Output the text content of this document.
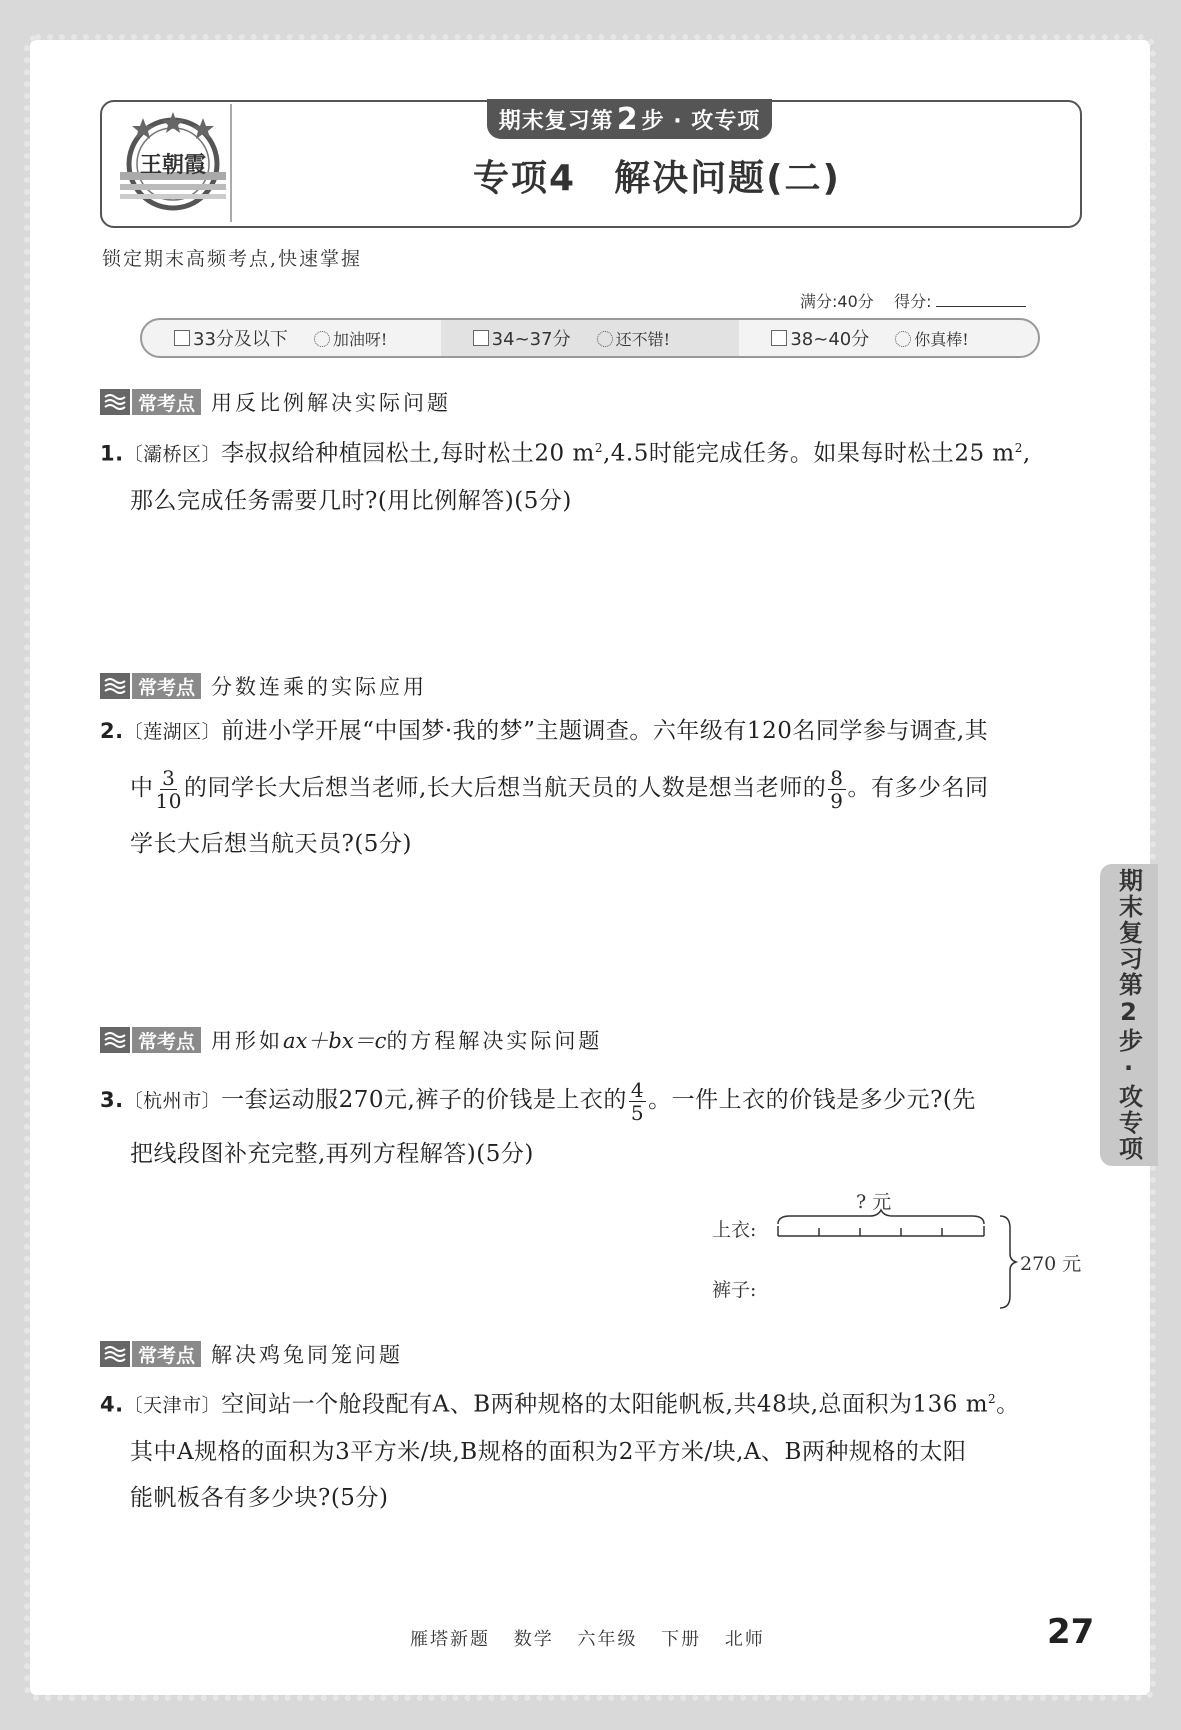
王朝霞
期末复习第 2 步 · 攻专项
专项4　解决问题(二)
锁定期末高频考点,快速掌握
满分:40分 得分:
33分及以下	加油呀!	34~37分	还不错!	38~40分	你真棒!
常考点 用反比例解决实际问题
1.〔灞桥区〕李叔叔给种植园松土,每时松土20 $m^2,4.5$时能完成任务。如果每时松土25 $m^2$,
那么完成任务需要几时?(用比例解答)(5分)
常考点 分数连乘的实际应用
2.〔莲湖区〕前进小学开展“中国梦·我的梦”主题调查。六年级有120名同学参与调查,其
中 $\frac{3}{10}$ 的同学长大后想当老师,长大后想当航天员的人数是想当老师的 $\frac{8}{9}$ 。有多少名同
学长大后想当航天员?(5分)
常考点 用形如ax＋bx＝c的方程解决实际问题
3.〔杭州市〕一套运动服270元,裤子的价钱是上衣的 $\frac{4}{5}$ 。一件上衣的价钱是多少元?(先
把线段图补充完整,再列方程解答)(5分)
? 元
上衣:
裤子:
270 元
常考点 解决鸡兔同笼问题
4.〔天津市〕空间站一个舱段配有A、B两种规格的太阳能帆板,共48块,总面积为136 $m^2$。
其中A规格的面积为3平方米/块,B规格的面积为2平方米/块,A、B两种规格的太阳
能帆板各有多少块?(5分)
期末复习第2步·攻专项
雁塔新题 数学 六年级 下册 北师	27
